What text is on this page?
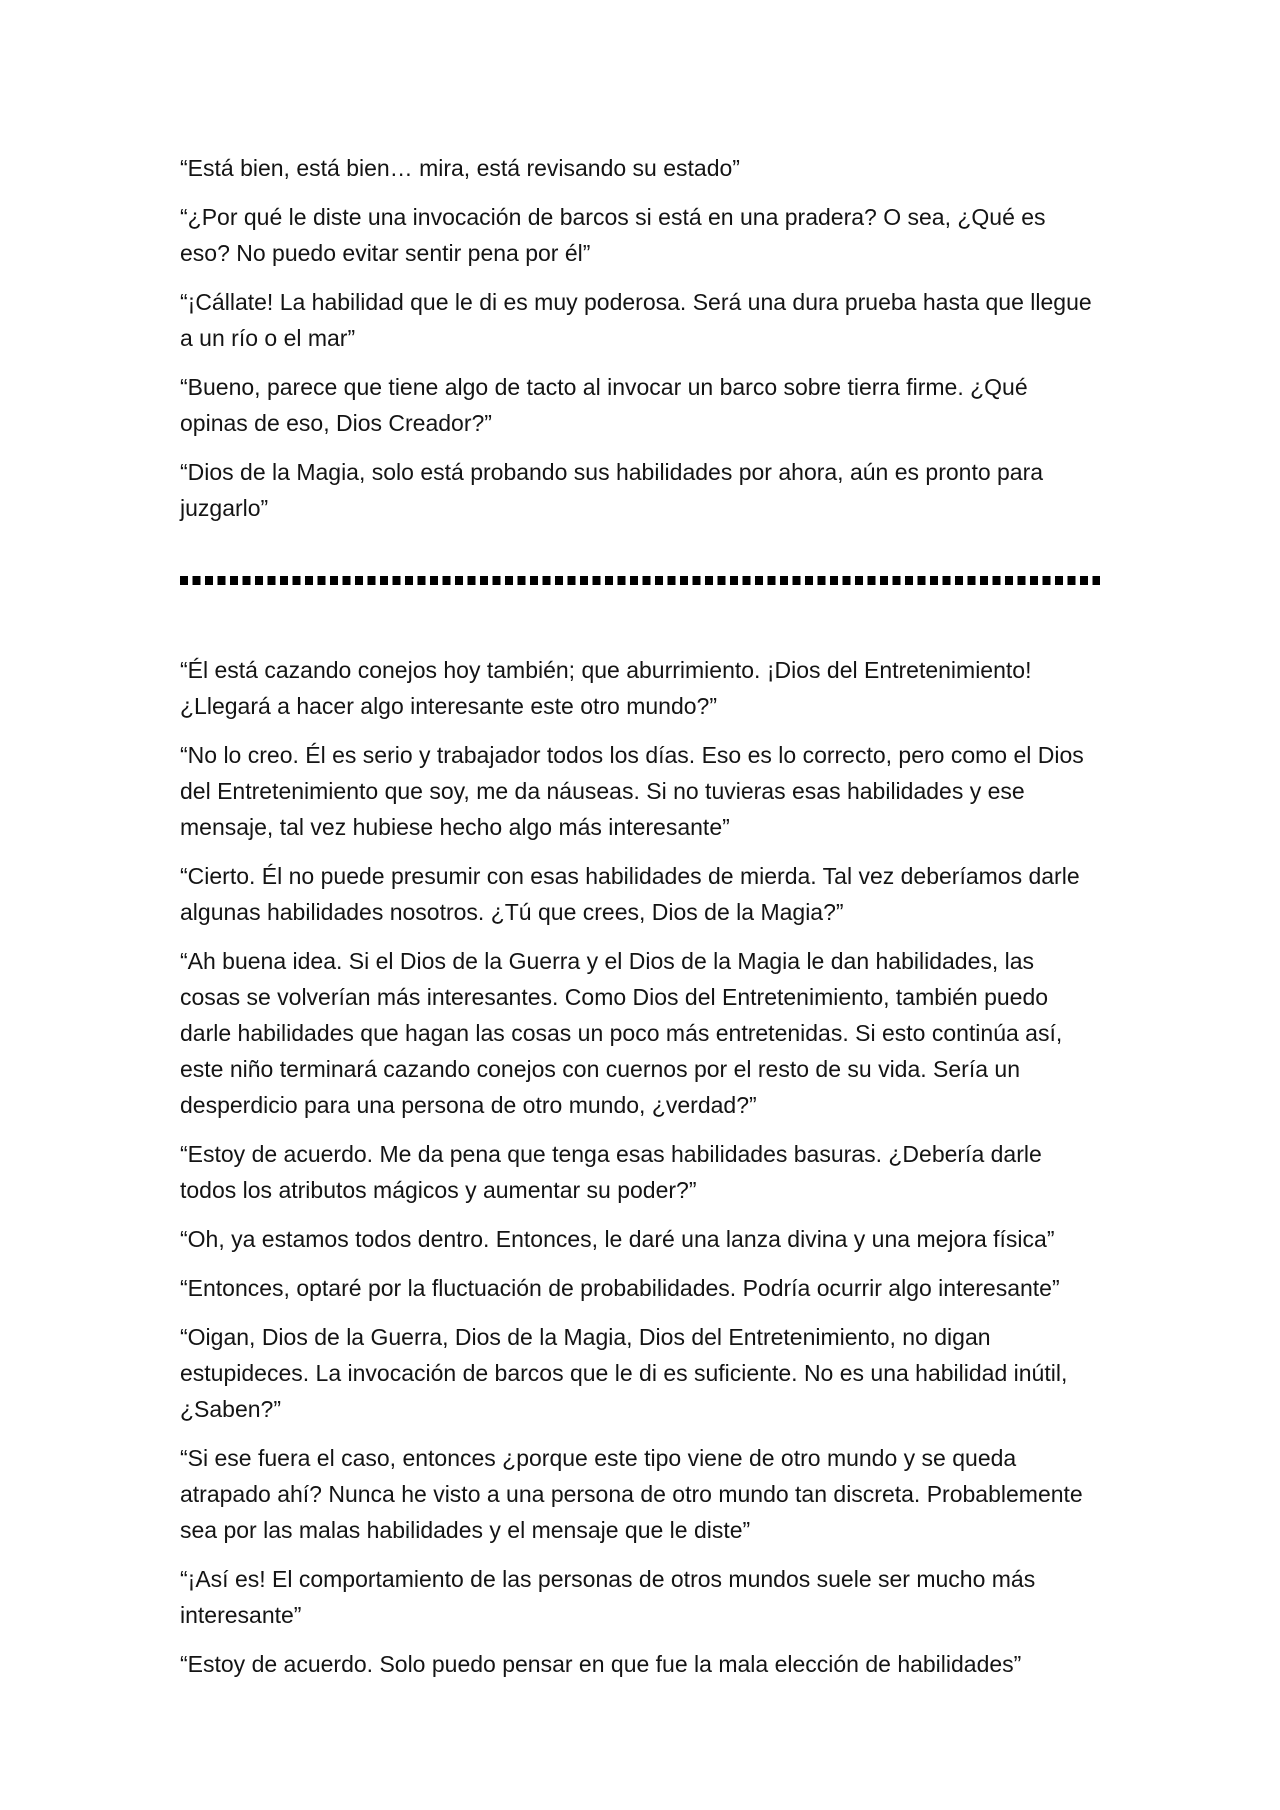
“Está bien, está bien… mira, está revisando su estado”

“¿Por qué le diste una invocación de barcos si está en una pradera? O sea, ¿Qué es eso? No puedo evitar sentir pena por él”

“¡Cállate! La habilidad que le di es muy poderosa. Será una dura prueba hasta que llegue a un río o el mar”

“Bueno, parece que tiene algo de tacto al invocar un barco sobre tierra firme. ¿Qué opinas de eso, Dios Creador?”

“Dios de la Magia, solo está probando sus habilidades por ahora, aún es pronto para juzgarlo”

“Él está cazando conejos hoy también; que aburrimiento. ¡Dios del Entretenimiento! ¿Llegará a hacer algo interesante este otro mundo?”

“No lo creo. Él es serio y trabajador todos los días. Eso es lo correcto, pero como el Dios del Entretenimiento que soy, me da náuseas. Si no tuvieras esas habilidades y ese mensaje, tal vez hubiese hecho algo más interesante”

“Cierto. Él no puede presumir con esas habilidades de mierda. Tal vez deberíamos darle algunas habilidades nosotros. ¿Tú que crees, Dios de la Magia?”

“Ah buena idea. Si el Dios de la Guerra y el Dios de la Magia le dan habilidades, las cosas se volverían más interesantes. Como Dios del Entretenimiento, también puedo darle habilidades que hagan las cosas un poco más entretenidas. Si esto continúa así, este niño terminará cazando conejos con cuernos por el resto de su vida. Sería un desperdicio para una persona de otro mundo, ¿verdad?”

“Estoy de acuerdo. Me da pena que tenga esas habilidades basuras. ¿Debería darle todos los atributos mágicos y aumentar su poder?”

“Oh, ya estamos todos dentro. Entonces, le daré una lanza divina y una mejora física”

“Entonces, optaré por la fluctuación de probabilidades. Podría ocurrir algo interesante”

“Oigan, Dios de la Guerra, Dios de la Magia, Dios del Entretenimiento, no digan estupideces. La invocación de barcos que le di es suficiente. No es una habilidad inútil, ¿Saben?”

“Si ese fuera el caso, entonces ¿porque este tipo viene de otro mundo y se queda atrapado ahí? Nunca he visto a una persona de otro mundo tan discreta. Probablemente sea por las malas habilidades y el mensaje que le diste”

“¡Así es! El comportamiento de las personas de otros mundos suele ser mucho más interesante”

“Estoy de acuerdo. Solo puedo pensar en que fue la mala elección de habilidades”
